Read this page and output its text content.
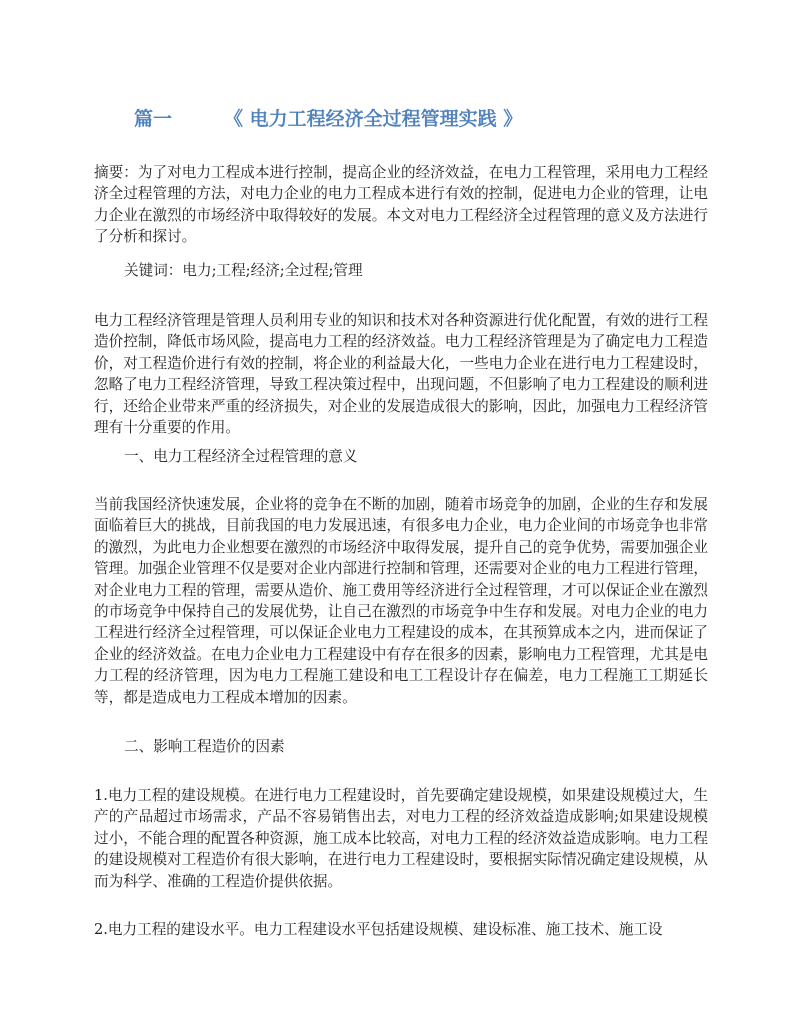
篇一	《 电力工程经济全过程管理实践 》

摘要：为了对电力工程成本进行控制，提高企业的经济效益，在电力工程管理，采用电力工程经济全过程管理的方法，对电力企业的电力工程成本进行有效的控制，促进电力企业的管理，让电力企业在激烈的市场经济中取得较好的发展。本文对电力工程经济全过程管理的意义及方法进行了分析和探讨。

关键词：电力;工程;经济;全过程;管理

电力工程经济管理是管理人员利用专业的知识和技术对各种资源进行优化配置，有效的进行工程造价控制，降低市场风险，提高电力工程的经济效益。电力工程经济管理是为了确定电力工程造价，对工程造价进行有效的控制，将企业的利益最大化，一些电力企业在进行电力工程建设时，忽略了电力工程经济管理，导致工程决策过程中，出现问题，不但影响了电力工程建设的顺利进行，还给企业带来严重的经济损失，对企业的发展造成很大的影响，因此，加强电力工程经济管理有十分重要的作用。

一、电力工程经济全过程管理的意义

当前我国经济快速发展，企业将的竞争在不断的加剧，随着市场竞争的加剧，企业的生存和发展面临着巨大的挑战，目前我国的电力发展迅速，有很多电力企业，电力企业间的市场竞争也非常的激烈，为此电力企业想要在激烈的市场经济中取得发展，提升自己的竞争优势，需要加强企业管理。加强企业管理不仅是要对企业内部进行控制和管理，还需要对企业的电力工程进行管理，对企业电力工程的管理，需要从造价、施工费用等经济进行全过程管理，才可以保证企业在激烈的市场竞争中保持自己的发展优势，让自己在激烈的市场竞争中生存和发展。对电力企业的电力工程进行经济全过程管理，可以保证企业电力工程建设的成本，在其预算成本之内，进而保证了企业的经济效益。在电力企业电力工程建设中有存在很多的因素，影响电力工程管理，尤其是电力工程的经济管理，因为电力工程施工建设和电工工程设计存在偏差，电力工程施工工期延长等，都是造成电力工程成本增加的因素。

二、影响工程造价的因素

1.电力工程的建设规模。在进行电力工程建设时，首先要确定建设规模，如果建设规模过大，生产的产品超过市场需求，产品不容易销售出去，对电力工程的经济效益造成影响;如果建设规模过小，不能合理的配置各种资源，施工成本比较高，对电力工程的经济效益造成影响。电力工程的建设规模对工程造价有很大影响，在进行电力工程建设时，要根据实际情况确定建设规模，从而为科学、准确的工程造价提供依据。

2.电力工程的建设水平。电力工程建设水平包括建设规模、建设标准、施工技术、施工设
